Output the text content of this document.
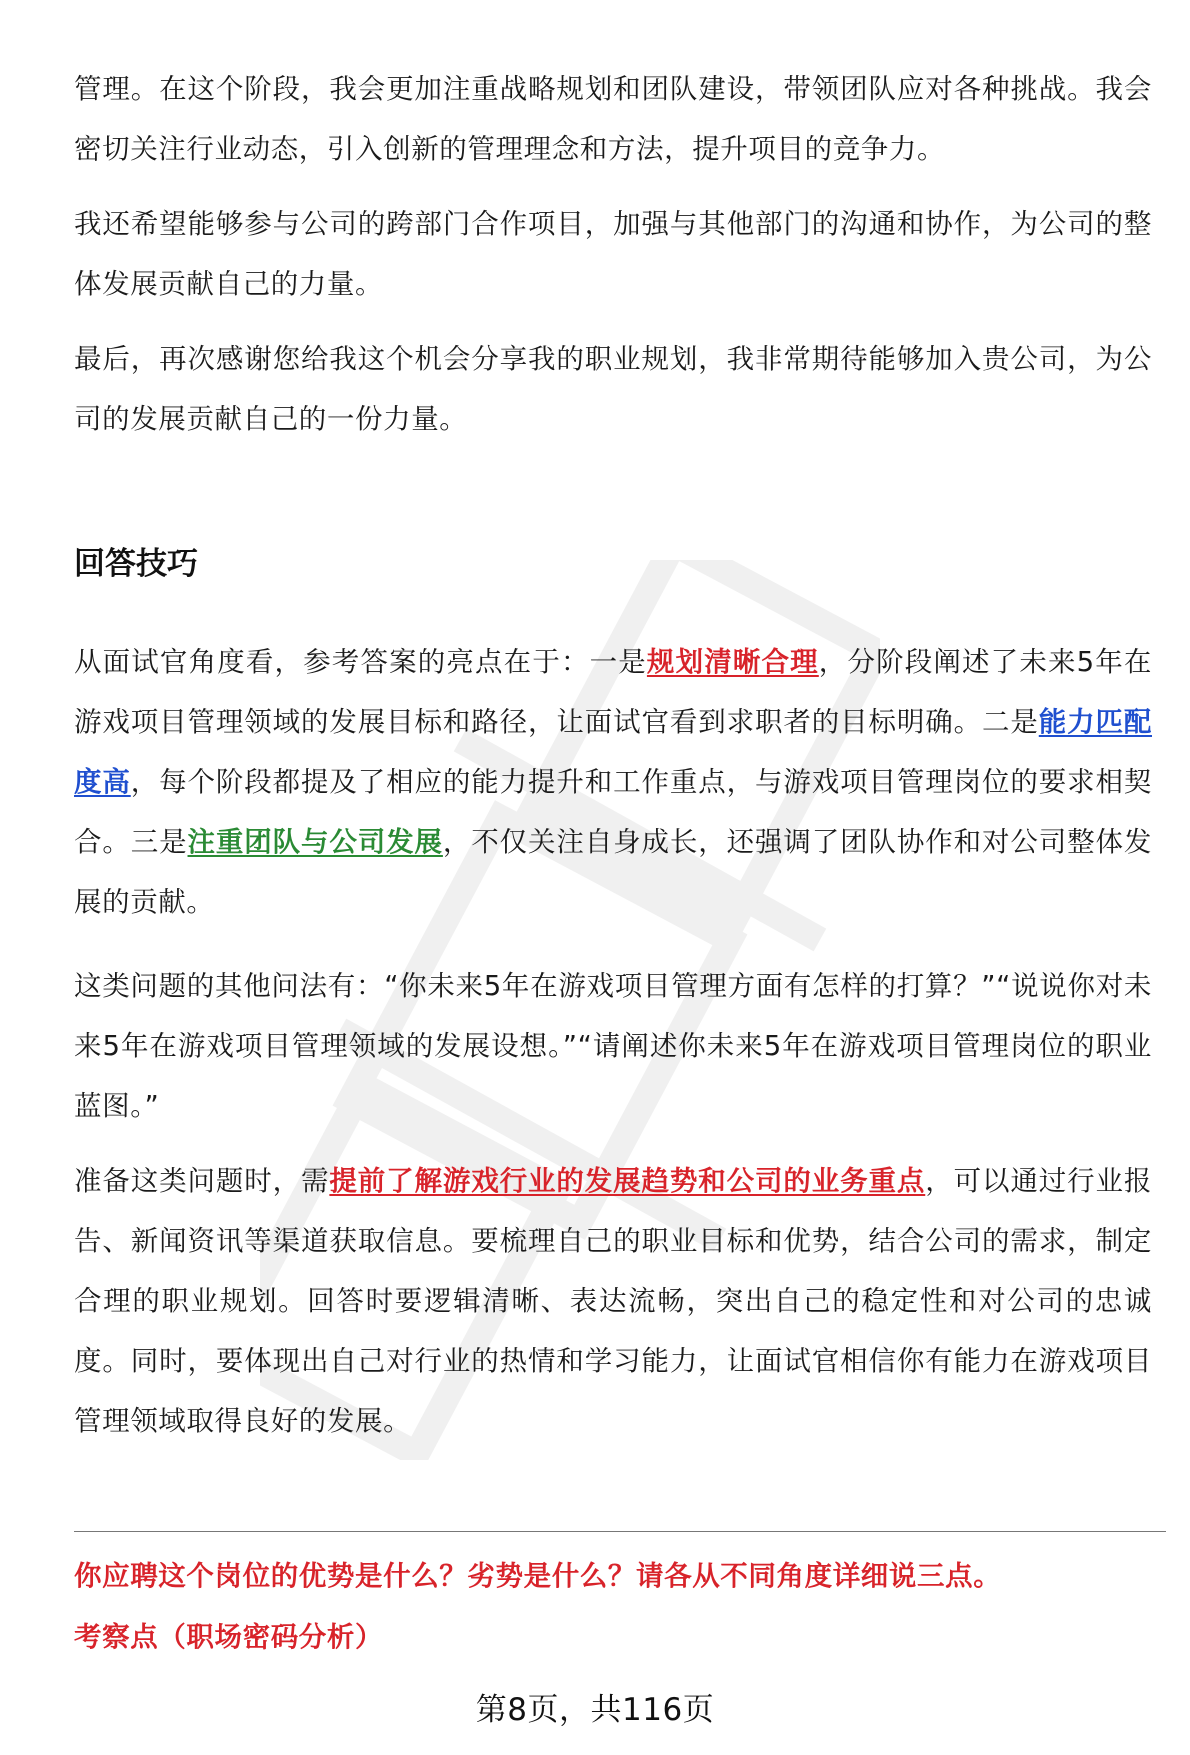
管理。在这个阶段，我会更加注重战略规划和团队建设，带领团队应对各种挑战。我会密切关注行业动态，引入创新的管理理念和方法，提升项目的竞争力。

我还希望能够参与公司的跨部门合作项目，加强与其他部门的沟通和协作，为公司的整体发展贡献自己的力量。

最后，再次感谢您给我这个机会分享我的职业规划，我非常期待能够加入贵公司，为公司的发展贡献自己的一份力量。

回答技巧

从面试官角度看，参考答案的亮点在于：一是规划清晰合理，分阶段阐述了未来5年在游戏项目管理领域的发展目标和路径，让面试官看到求职者的目标明确。二是能力匹配度高，每个阶段都提及了相应的能力提升和工作重点，与游戏项目管理岗位的要求相契合。三是注重团队与公司发展，不仅关注自身成长，还强调了团队协作和对公司整体发展的贡献。

这类问题的其他问法有：“你未来5年在游戏项目管理方面有怎样的打算？”“说说你对未来5年在游戏项目管理领域的发展设想。”“请阐述你未来5年在游戏项目管理岗位的职业蓝图。”

准备这类问题时，需提前了解游戏行业的发展趋势和公司的业务重点，可以通过行业报告、新闻资讯等渠道获取信息。要梳理自己的职业目标和优势，结合公司的需求，制定合理的职业规划。回答时要逻辑清晰、表达流畅，突出自己的稳定性和对公司的忠诚度。同时，要体现出自己对行业的热情和学习能力，让面试官相信你有能力在游戏项目管理领域取得良好的发展。

你应聘这个岗位的优势是什么？劣势是什么？请各从不同角度详细说三点。

考察点（职场密码分析）

第8页，共116页
